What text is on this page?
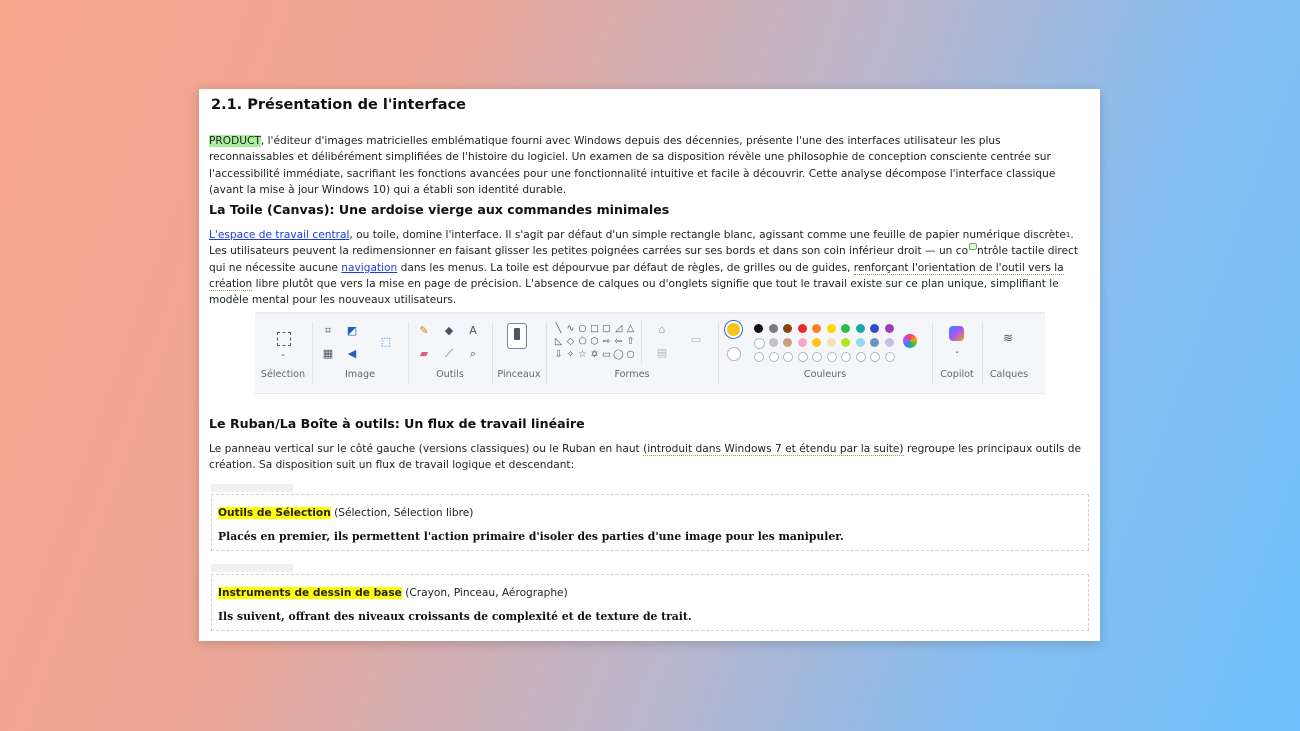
2.1. Présentation de l'interface
PRODUCT, l'éditeur d'images matricielles emblématique fourni avec Windows depuis des décennies, présente l'une des interfaces utilisateur les plus reconnaissables et délibérément simplifiées de l'histoire du logiciel. Un examen de sa disposition révèle une philosophie de conception consciente centrée sur l'accessibilité immédiate, sacrifiant les fonctions avancées pour une fonctionnalité intuitive et facile à découvrir. Cette analyse décompose l'interface classique (avant la mise à jour Windows 10) qui a établi son identité durable.
La Toile (Canvas): Une ardoise vierge aux commandes minimales
L'espace de travail central, ou toile, domine l'interface. Il s'agit par défaut d'un simple rectangle blanc, agissant comme une feuille de papier numérique discrète$^1$. Les utilisateurs peuvent la redimensionner en faisant glisser les petites poignées carrées sur ses bords et dans son coin inférieur droit — un co ntrôle tactile direct qui ne nécessite aucune navigation dans les menus. La toile est dépourvue par défaut de règles, de grilles ou de guides, renforçant l'orientation de l'outil vers la création libre plutôt que vers la mise en page de précision. L'absence de calques ou d'onglets signifie que tout le travail existe sur ce plan unique, simplifiant le modèle mental pour les nouveaux utilisateurs.
⌄
Sélection
⌗	◩
▦ ◀
⬚
Image
✎ ◆ A
▰ ⟋	⌕
Outils	Pinceaux
╲ ∿ ○ □ ▢ ◿ △
◺ ◇ ⬠ ⬡ ⇨ ⇦ ⇧
⇩ ✧ ☆ ✡ ▭ ◯ ○
⌂
▤
▭
Formes	Couleurs
⌄
Copilot
≋
Calques
Le Ruban/La Boîte à outils: Un flux de travail linéaire
Le panneau vertical sur le côté gauche (versions classiques) ou le Ruban en haut (introduit dans Windows 7 et étendu par la suite) regroupe les principaux outils de création. Sa disposition suit un flux de travail logique et descendant:
Outils de Sélection (Sélection, Sélection libre)
Placés en premier, ils permettent l'action primaire d'isoler des parties d'une image pour les manipuler.
Instruments de dessin de base (Crayon, Pinceau, Aérographe)
Ils suivent, offrant des niveaux croissants de complexité et de texture de trait.
